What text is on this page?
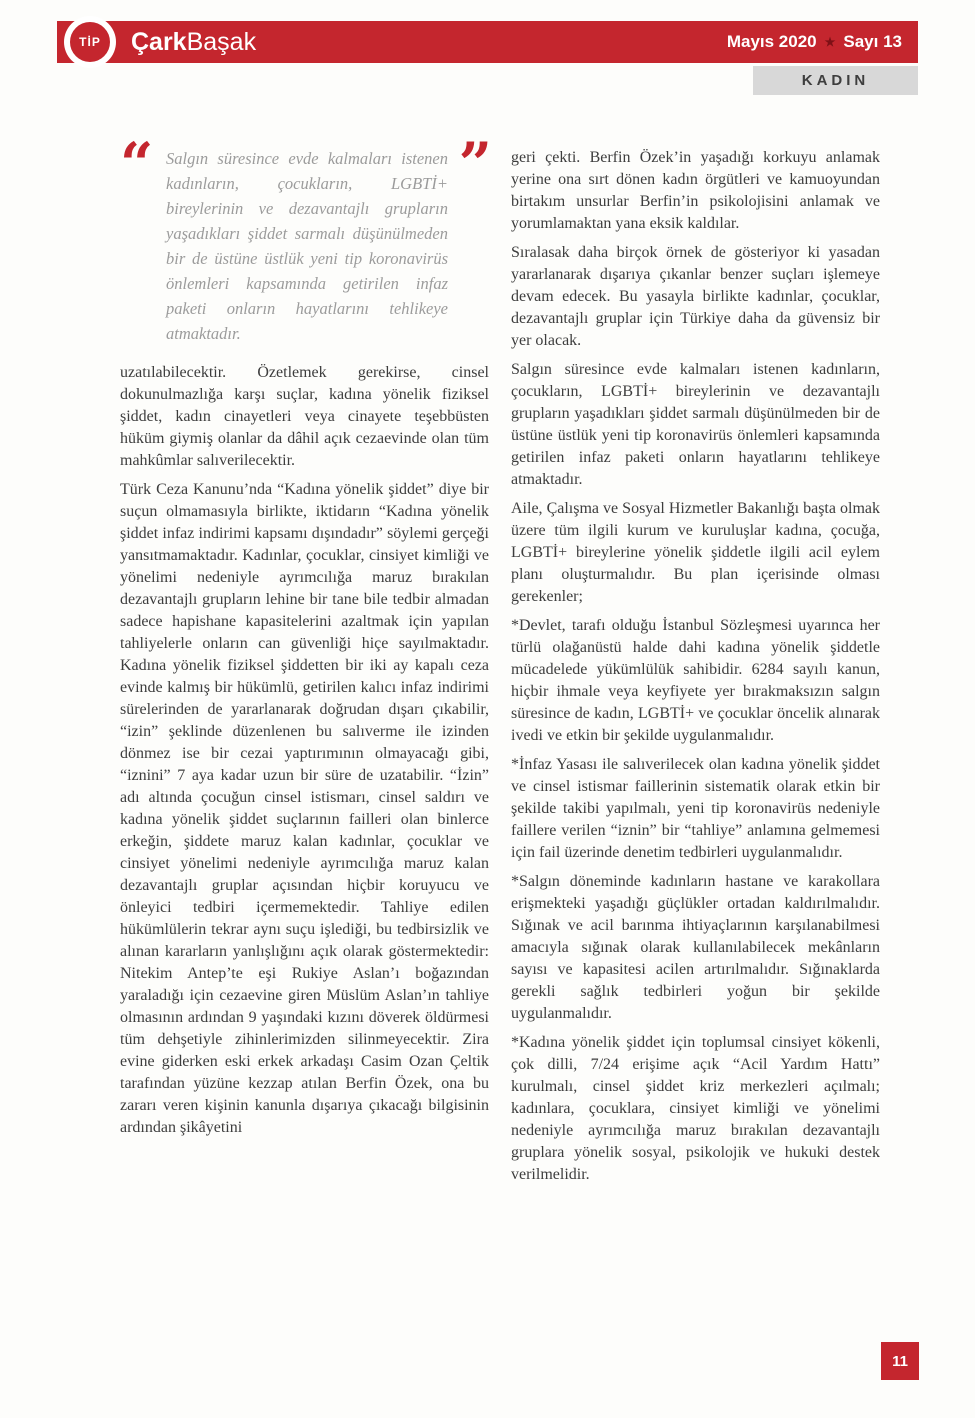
TİP ÇarkBaşak	Mayıs 2020 ★ Sayı 13
KADIN
“	”

Salgın süresince evde kalmaları istenen kadınların, çocukların, LGBTİ+ bireylerinin ve dezavantajlı grupların yaşadıkları şiddet sarmalı düşünülmeden bir de üstüne üstlük yeni tip koronavirüs önlemleri kapsamında getirilen infaz paketi onların hayatlarını tehlikeye atmaktadır.

uzatılabilecektir. Özetlemek gerekirse, cinsel dokunulmazlığa karşı suçlar, kadına yönelik fiziksel şiddet, kadın cinayetleri veya cinayete teşebbüsten hüküm giymiş olanlar da dâhil açık cezaevinde olan tüm mahkûmlar salıverilecektir.

Türk Ceza Kanunu’nda “Kadına yönelik şiddet” diye bir suçun olmamasıyla birlikte, iktidarın “Kadına yönelik şiddet infaz indirimi kapsamı dışındadır” söylemi gerçeği yansıtmamaktadır. Kadınlar, çocuklar, cinsiyet kimliği ve yönelimi nedeniyle ayrımcılığa maruz bırakılan dezavantajlı grupların lehine bir tane bile tedbir almadan sadece hapishane kapasitelerini azaltmak için yapılan tahliyelerle onların can güvenliği hiçe sayılmaktadır. Kadına yönelik fiziksel şiddetten bir iki ay kapalı ceza evinde kalmış bir hükümlü, getirilen kalıcı infaz indirimi sürelerinden de yararlanarak doğrudan dışarı çıkabilir, “izin” şeklinde düzenlenen bu salıverme ile izinden dönmez ise bir cezai yaptırımının olmayacağı gibi, “iznini” 7 aya kadar uzun bir süre de uzatabilir. “İzin” adı altında çocuğun cinsel istismarı, cinsel saldırı ve kadına yönelik şiddet suçlarının failleri olan binlerce erkeğin, şiddete maruz kalan kadınlar, çocuklar ve cinsiyet yönelimi nedeniyle ayrımcılığa maruz kalan dezavantajlı gruplar açısından hiçbir koruyucu ve önleyici tedbiri içermemektedir. Tahliye edilen hükümlülerin tekrar aynı suçu işlediği, bu tedbirsizlik ve alınan kararların yanlışlığını açık olarak göstermektedir: Nitekim Antep’te eşi Rukiye Aslan’ı boğazından yaraladığı için cezaevine giren Müslüm Aslan’ın tahliye olmasının ardından 9 yaşındaki kızını döverek öldürmesi tüm dehşetiyle zihinlerimizden silinmeyecektir. Zira evine giderken eski erkek arkadaşı Casim Ozan Çeltik tarafından yüzüne kezzap atılan Berfin Özek, ona bu zararı veren kişinin kanunla dışarıya çıkacağı bilgisinin ardından şikâyetini

geri çekti. Berfin Özek’in yaşadığı korkuyu anlamak yerine ona sırt dönen kadın örgütleri ve kamuoyundan birtakım unsurlar Berfin’in psikolojisini anlamak ve yorumlamaktan yana eksik kaldılar.

Sıralasak daha birçok örnek de gösteriyor ki yasadan yararlanarak dışarıya çıkanlar benzer suçları işlemeye devam edecek. Bu yasayla birlikte kadınlar, çocuklar, dezavantajlı gruplar için Türkiye daha da güvensiz bir yer olacak.

Salgın süresince evde kalmaları istenen kadınların, çocukların, LGBTİ+ bireylerinin ve dezavantajlı grupların yaşadıkları şiddet sarmalı düşünülmeden bir de üstüne üstlük yeni tip koronavirüs önlemleri kapsamında getirilen infaz paketi onların hayatlarını tehlikeye atmaktadır.

Aile, Çalışma ve Sosyal Hizmetler Bakanlığı başta olmak üzere tüm ilgili kurum ve kuruluşlar kadına, çocuğa, LGBTİ+ bireylerine yönelik şiddetle ilgili acil eylem planı oluşturmalıdır. Bu plan içerisinde olması gerekenler;

*Devlet, tarafı olduğu İstanbul Sözleşmesi uyarınca her türlü olağanüstü halde dahi kadına yönelik şiddetle mücadelede yükümlülük sahibidir. 6284 sayılı kanun, hiçbir ihmale veya keyfiyete yer bırakmaksızın salgın süresince de kadın, LGBTİ+ ve çocuklar öncelik alınarak ivedi ve etkin bir şekilde uygulanmalıdır.

*İnfaz Yasası ile salıverilecek olan kadına yönelik şiddet ve cinsel istismar faillerinin sistematik olarak etkin bir şekilde takibi yapılmalı, yeni tip koronavirüs nedeniyle faillere verilen “iznin” bir “tahliye” anlamına gelmemesi için fail üzerinde denetim tedbirleri uygulanmalıdır.

*Salgın döneminde kadınların hastane ve karakollara erişmekteki yaşadığı güçlükler ortadan kaldırılmalıdır. Sığınak ve acil barınma ihtiyaçlarının karşılanabilmesi amacıyla sığınak olarak kullanılabilecek mekânların sayısı ve kapasitesi acilen artırılmalıdır. Sığınaklarda gerekli sağlık tedbirleri yoğun bir şekilde uygulanmalıdır.

*Kadına yönelik şiddet için toplumsal cinsiyet kökenli, çok dilli, 7/24 erişime açık “Acil Yardım Hattı” kurulmalı, cinsel şiddet kriz merkezleri açılmalı; kadınlara, çocuklara, cinsiyet kimliği ve yönelimi nedeniyle ayrımcılığa maruz bırakılan dezavantajlı gruplara yönelik sosyal, psikolojik ve hukuki destek verilmelidir.

11
